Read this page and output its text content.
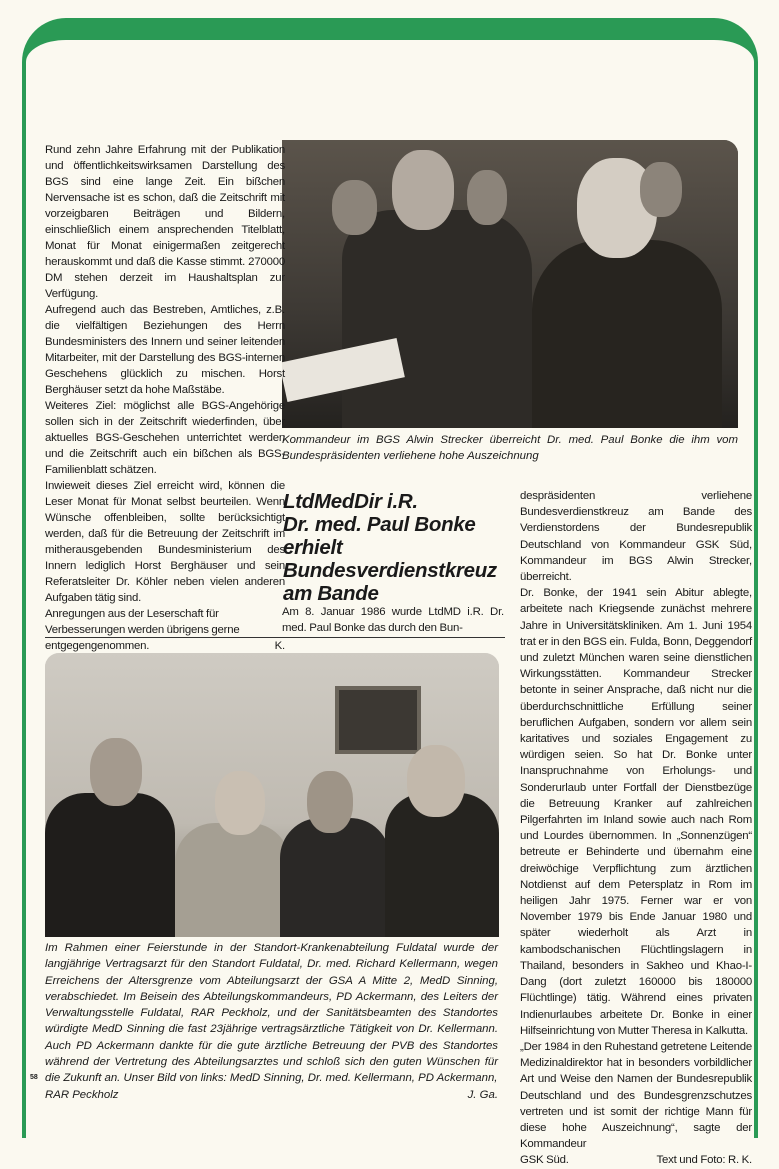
Rund zehn Jahre Erfahrung mit der Publikation und öffentlichkeitswirksamen Darstellung des BGS sind eine lange Zeit. Ein bißchen Nervensache ist es schon, daß die Zeitschrift mit vorzeigbaren Beiträgen und Bildern, einschließlich einem ansprechenden Titelblatt, Monat für Monat einigermaßen zeitgerecht herauskommt und daß die Kasse stimmt. 270000 DM stehen derzeit im Haushaltsplan zur Verfügung.

Aufregend auch das Bestreben, Amtliches, z.B. die vielfältigen Beziehungen des Herrn Bundesministers des Innern und seiner leitenden Mitarbeiter, mit der Darstellung des BGS-internen Geschehens glücklich zu mischen. Horst Berghäuser setzt da hohe Maßstäbe.

Weiteres Ziel: möglichst alle BGS-Angehörige sollen sich in der Zeitschrift wiederfinden, über aktuelles BGS-Geschehen unterrichtet werden und die Zeitschrift auch ein bißchen als BGS-Familienblatt schätzen.

Inwieweit dieses Ziel erreicht wird, können die Leser Monat für Monat selbst beurteilen. Wenn Wünsche offenbleiben, sollte berücksichtigt werden, daß für die Betreuung der Zeitschrift im mitherausgebenden Bundesministerium des Innern lediglich Horst Berghäuser und sein Referatsleiter Dr. Köhler neben vielen anderen Aufgaben tätig sind.

Anregungen aus der Leserschaft für Verbesserungen werden übrigens gerne entgegengenommen.	K.

Kommandeur im BGS Alwin Strecker überreicht Dr. med. Paul Bonke die ihm vom Bundespräsidenten verliehene hohe Auszeichnung
LtdMedDir i.R.
Dr. med. Paul Bonke
erhielt
Bundesverdienstkreuz
am Bande
Am 8. Januar 1986 wurde LtdMD i.R. Dr. med. Paul Bonke das durch den Bun-

despräsidenten verliehene Bundesverdienstkreuz am Bande des Verdienstordens der Bundesrepublik Deutschland von Kommandeur GSK Süd, Kommandeur im BGS Alwin Strecker, überreicht.

Dr. Bonke, der 1941 sein Abitur ablegte, arbeitete nach Kriegsende zunächst mehrere Jahre in Universitätskliniken. Am 1. Juni 1954 trat er in den BGS ein. Fulda, Bonn, Deggendorf und zuletzt München waren seine dienstlichen Wirkungsstätten. Kommandeur Strecker betonte in seiner Ansprache, daß nicht nur die überdurchschnittliche Erfüllung seiner beruflichen Aufgaben, sondern vor allem sein karitatives und soziales Engagement zu würdigen seien. So hat Dr. Bonke unter Inanspruchnahme von Erholungs- und Sonderurlaub unter Fortfall der Dienstbezüge die Betreuung Kranker auf zahlreichen Pilgerfahrten im Inland sowie auch nach Rom und Lourdes übernommen. In „Sonnenzügen“ betreute er Behinderte und übernahm eine dreiwöchige Verpflichtung zum ärztlichen Notdienst auf dem Petersplatz in Rom im heiligen Jahr 1975. Ferner war er von November 1979 bis Ende Januar 1980 und später wiederholt als Arzt in kambodschanischen Flüchtlingslagern in Thailand, besonders in Sakheo und Khao-I-Dang (dort zuletzt 160000 bis 180000 Flüchtlinge) tätig. Während eines privaten Indienurlaubes arbeitete Dr. Bonke in einer Hilfseinrichtung von Mutter Theresa in Kalkutta.

„Der 1984 in den Ruhestand getretene Leitende Medizinaldirektor hat in besonders vorbildlicher Art und Weise den Namen der Bundesrepublik Deutschland und des Bundesgrenzschutzes vertreten und ist somit der richtige Mann für diese hohe Auszeichnung“, sagte der Kommandeur

GSK Süd.	Text und Foto: R. K.

Im Rahmen einer Feierstunde in der Standort-Krankenabteilung Fuldatal wurde der langjährige Vertragsarzt für den Standort Fuldatal, Dr. med. Richard Kellermann, wegen Erreichens der Altersgrenze vom Abteilungsarzt der GSA A Mitte 2, MedD Sinning, verabschiedet. Im Beisein des Abteilungskommandeurs, PD Ackermann, des Leiters der Verwaltungsstelle Fuldatal, RAR Peckholz, und der Sanitätsbeamten des Standortes würdigte MedD Sinning die fast 23jährige vertragsärztliche Tätigkeit von Dr. Kellermann. Auch PD Ackermann dankte für die gute ärztliche Betreuung der PVB des Standortes während der Vertretung des Abteilungsarztes und schloß sich den guten Wünschen für die Zukunft an. Unser Bild von links: MedD Sinning, Dr. med. Kellermann, PD Ackermann,
RAR Peckholz	J. Ga.
58
